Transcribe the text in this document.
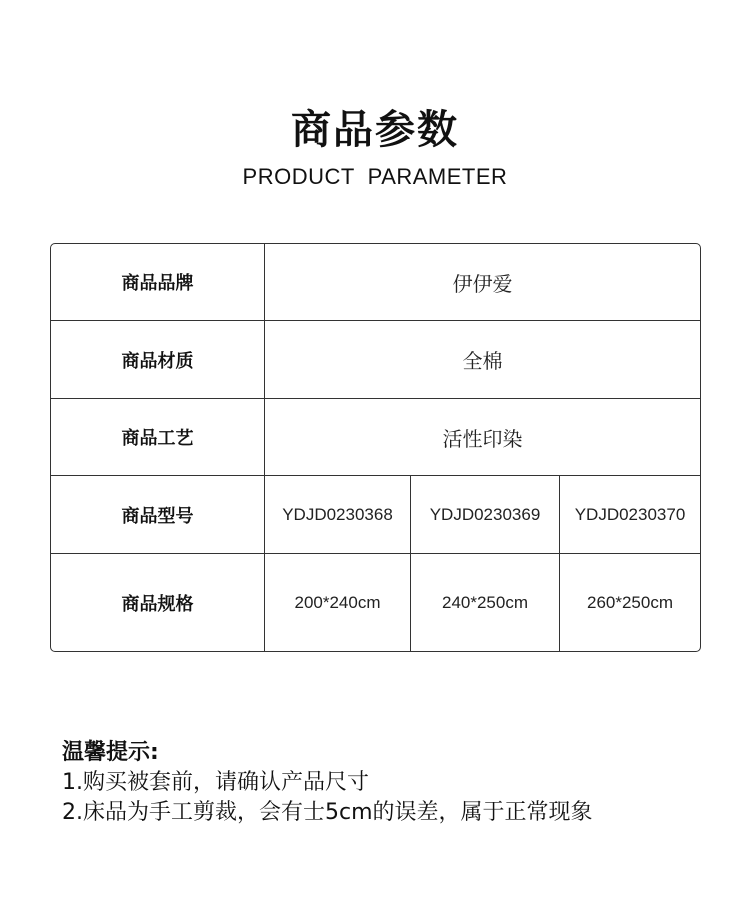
商品参数
PRODUCT  PARAMETER
商品品牌	伊伊爱		
商品材质	全棉		
商品工艺	活性印染		
商品型号	YDJD0230368	YDJD0230369	YDJD0230370
商品规格	200*240cm	240*250cm	260*250cm
温馨提示:
1.购买被套前，请确认产品尺寸
2.床品为手工剪裁，会有士5cm的误差，属于正常现象
